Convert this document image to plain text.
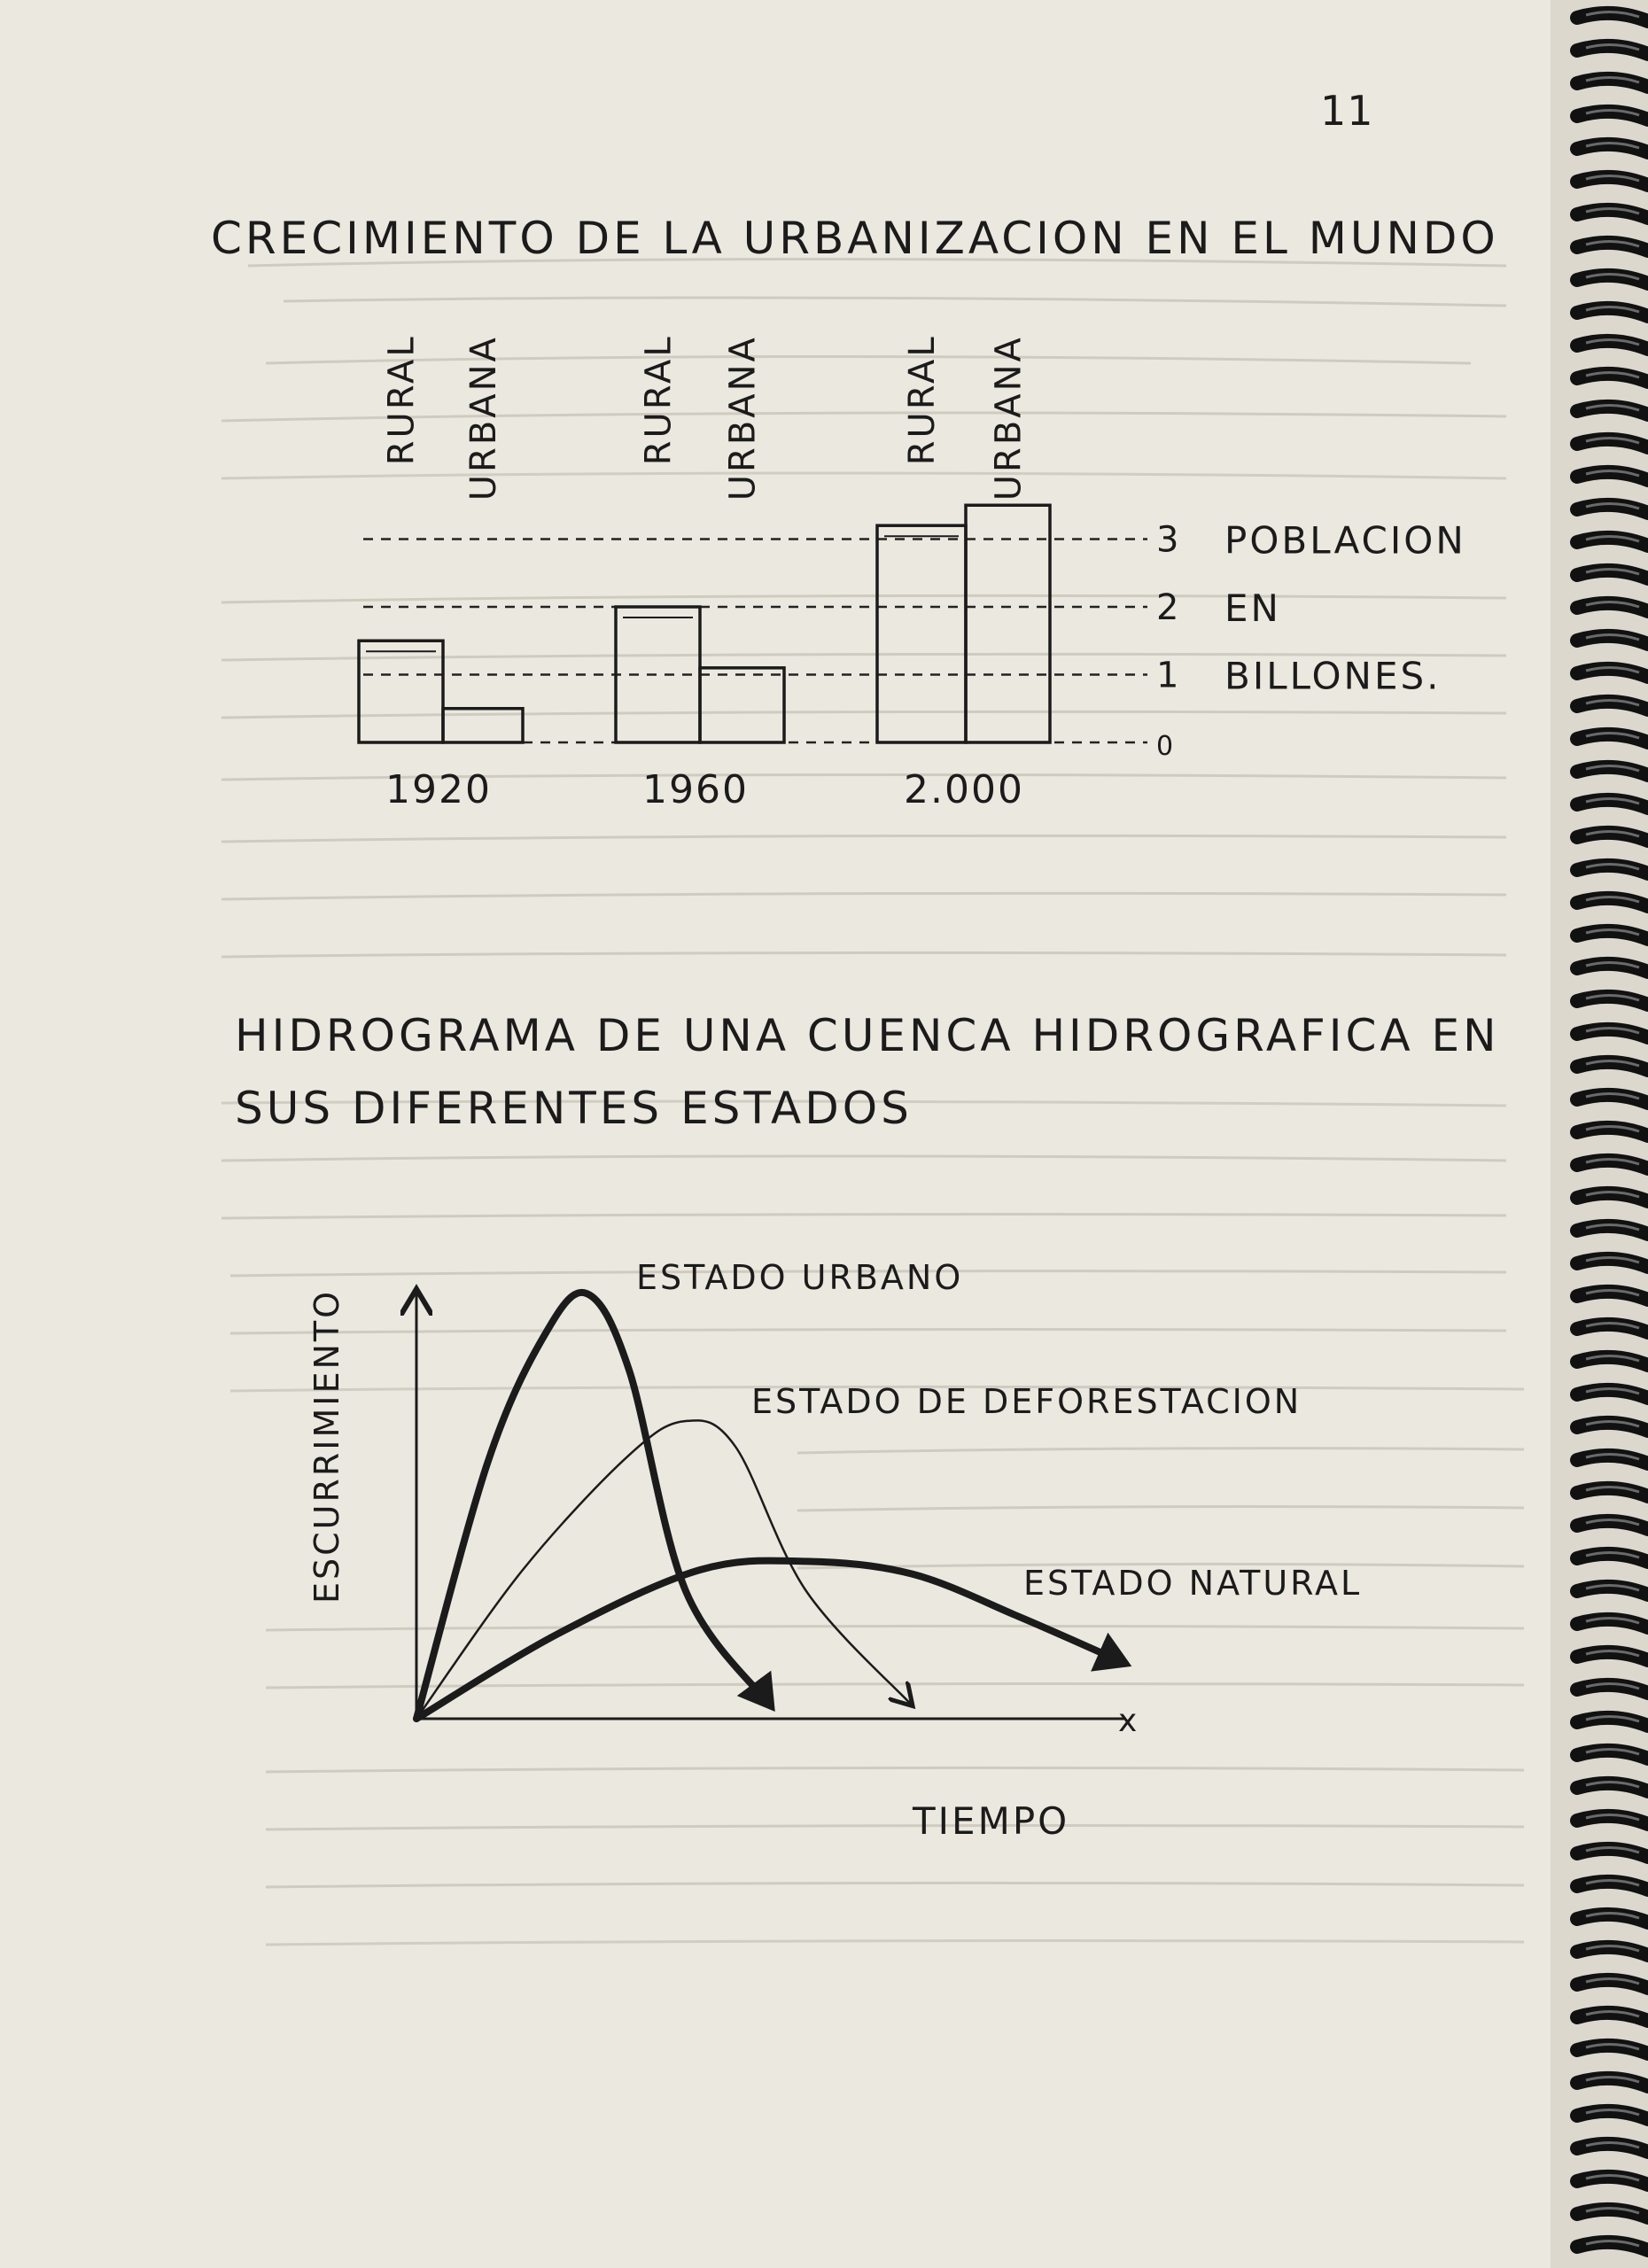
11
CRECIMIENTO DE LA URBANIZACION EN EL MUNDO
0
1
2
3 POBLACION
EN
BILLONES.
RURAL URBANA
1920
RURAL URBANA
1960
RURAL URBANA
2.000
HIDROGRAMA DE UNA CUENCA HIDROGRAFICA EN
SUS DIFERENTES ESTADOS
x
TIEMPO
ESCURRIMIENTO
ESTADO URBANO
ESTADO DE DEFORESTACION
ESTADO NATURAL
